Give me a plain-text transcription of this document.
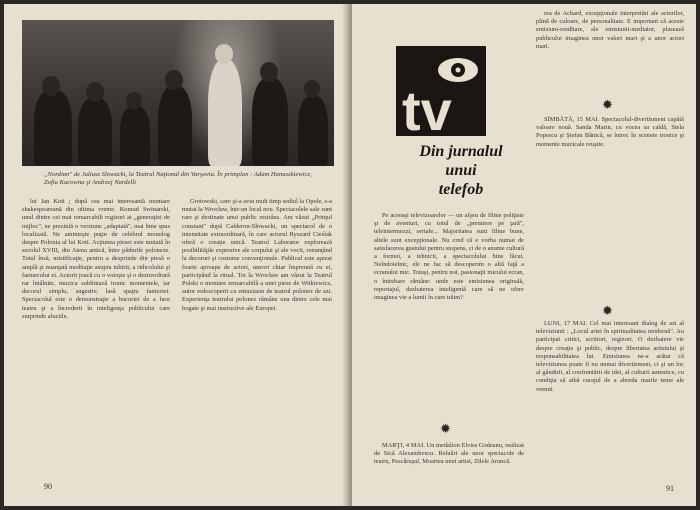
„Nordian" de Juliusz Slowacki, la Teatrul Naţional din Varşovia. În primplan : Adam Hanuszkiewicz, Zofia Kucowna şi Andrzej Nardelli

lui Jan Kott ; după cea mai interesantă montare shakespeareană din ultima vreme. Konrad Swinarski, unul dintre cei mai remarcabili regizori ai „generaţiei de mijloc", ne prezintă o versiune „adaptată", mai bine spus localizată. Ne aminteşte puţin de celebrul monolog despre Polonia al lui Kott. Acţiunea piesei este mutată în secolul XVIII, din Atena antică, între pădurile poloneze. Totul însă, mistificaţie, pentru a desprinde din piesă o amplă şi nuanţată meditaţie asupra iubirii, a ridicolului şi farmecului ei. Actorii joacă cu o voioşie şi o dezinvoltură rar întâlnite, muzica subliniază ironic momentele, iar decorul simplu, sugestiv, lasă spaţiu fanteziei. Spectacolul este o demonstraţie a bucuriei de a face teatru şi a încrederii în inteligenţa publicului care surprinde aluziile.

Grotowski, care şi-a avut mult timp sediul la Opole, s-a mutat la Wrocław, într-un local nou. Spectacolele sale sunt rare şi destinate unui public restrâns. Am văzut „Prinţul constant" după Calderon-Słowacki, un spectacol de o intensitate extraordinară, în care actorul Ryszard Cieślak oferă o creaţie unică. Teatrul Laborator explorează posibilităţile expresive ale corpului şi ale vocii, renunţând la decoruri şi costume convenţionale. Publicul este aşezat foarte aproape de actori, uneori chiar împreună cu ei, participând la ritual. Tot la Wrocław am văzut la Teatrul Polski o montare remarcabilă a unei piese de Witkiewicz, autor redescoperit cu entuziasm de teatrul polonez de azi. Experienţa teatrului polonez rămâne una dintre cele mai bogate şi mai instructive ale Europei.

90
tv
Din jurnalul
unui
telefob

Pe aceeaşi televizoarelor — un afşeu de filme poliţiste şi de aventuri, cu totul de „premiere pe ţară", teleintermezzi, seriale... Majoritatea sunt filme bune, altele sunt excepţionale. Nu cred că e vorba numai de satisfacerea gustului pentru suspens, ci de o anume cultură a formei, a tehnicii, a spectacolului bine făcut. Neîndoielnic, ele ne fac să descoperim o altă faţă a ecranului mic. Totuşi, pentru noi, pasionaţii micului ecran, o întrebare rămâne: unde este emisiunea originală, reportajul, dezbaterea inteligentă care să ne ofere imaginea vie a lumii în care trăim?

✹

MARŢI, 4 MAI. Un medalion Elvira Godeanu, realizat de Sică Alexandrescu. Reluări ale unor spectacole de teatru, Pescăruşul, Moartea unui artist, Zilele Aruncă.

rea de Achard, excepţionale interpretări ale actorilor, plină de culoare, de personalitate. E important că aceste emisiuni-reeditare, ale emisiunii-mediator, plasează publicului imaginea unor valori mari şi a unor actori mari.

✹

SÎMBĂTĂ, 15 MAI. Spectacolul-divertisment capătă valoare nouă. Sanda Marin, cu vocea sa caldă, Stela Popescu şi Ştefan Bănică, se întrec în scenete ironice şi momente muzicale reuşite.

✹

LUNI, 17 MAI. Cel mai interesant dialog de azi al televiziunii : „Locul artei în spiritualitatea modernă". Au participat critici, scriitori, regizori. O dezbatere vie despre creaţie şi public, despre libertatea artistului şi responsabilitatea lui. Emisiunea ne-a arătat că televiziunea poate fi nu numai divertisment, ci şi un loc al gândirii, al confruntării de idei, al culturii autentice, cu condiţia să aibă curajul de a aborda marile teme ale vremii.

91
